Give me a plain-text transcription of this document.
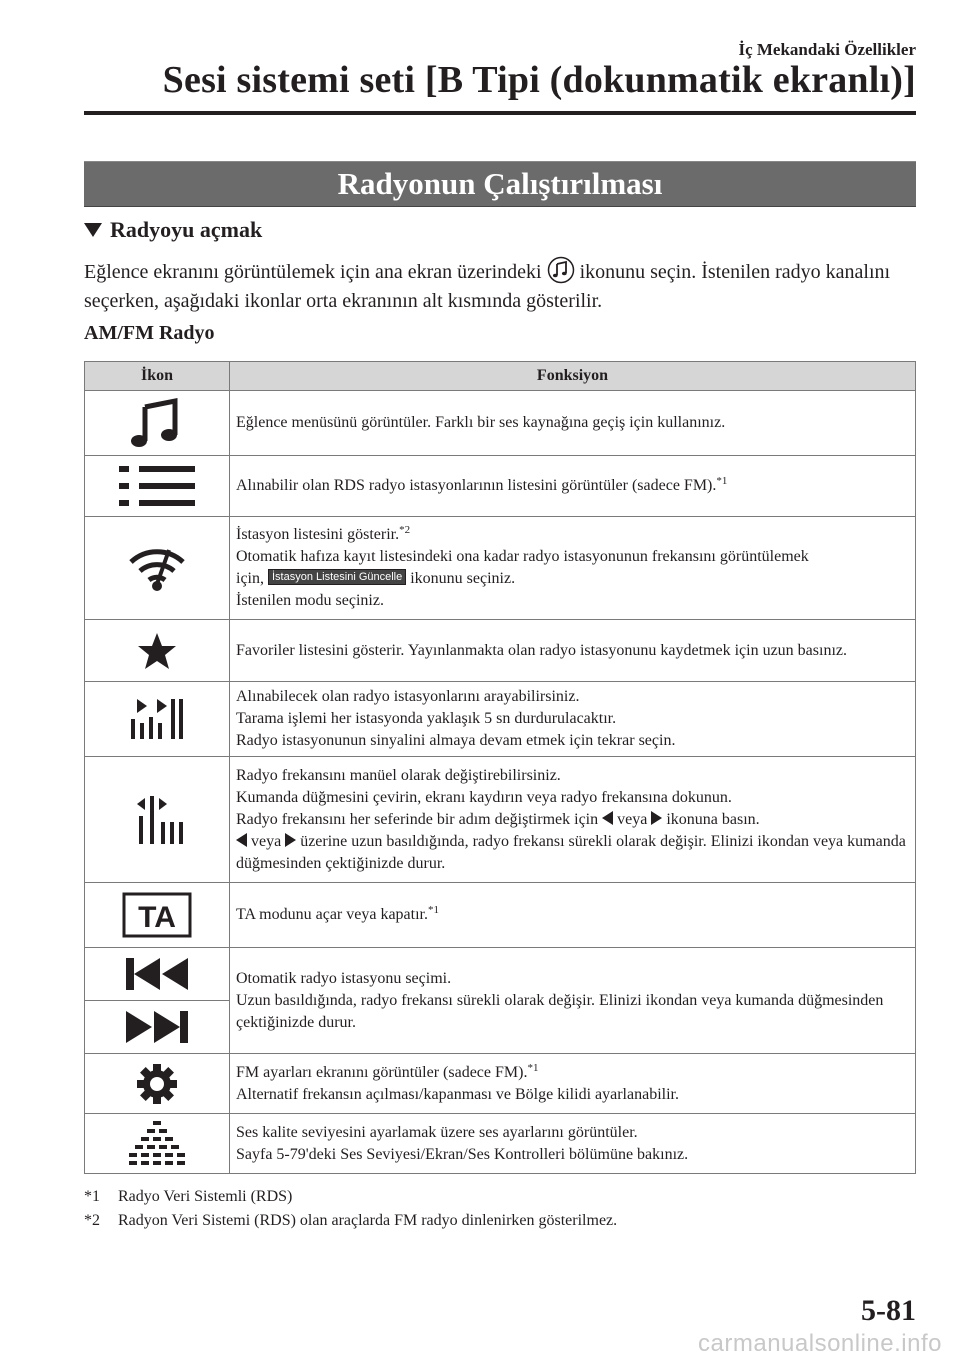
İç Mekandaki Özellikler
Sesi sistemi seti [B Tipi (dokunmatik ekranlı)]
Radyonun Çalıştırılması
Radyoyu açmak
Eğlence ekranını görüntülemek için ana ekran üzerindeki ikonunu seçin. İstenilen radyo kanalını seçerken, aşağıdaki ikonlar orta ekranının alt kısmında gösterilir.
AM/FM Radyo
İkon	Fonksiyon

	Eğlence menüsünü görüntüler. Farklı bir ses kaynağına geçiş için kullanınız.

	Alınabilir olan RDS radyo istasyonlarının listesini görüntüler (sadece FM).$^{*1}$

İstasyon listesini gösterir.$^{*2}$
Otomatik hafıza kayıt listesindeki ona kadar radyo istasyonunun frekansını görüntülemek
için, İstasyon Listesini Güncelle ikonunu seçiniz.
İstenilen modu seçiniz.

	Favoriler listesini gösterir. Yayınlanmakta olan radyo istasyonunu kaydetmek için uzun basınız.

Alınabilecek olan radyo istasyonlarını arayabilirsiniz.
Tarama işlemi her istasyonda yaklaşık 5 sn durdurulacaktır.
Radyo istasyonunun sinyalini almaya devam etmek için tekrar seçin.

Radyo frekansını manüel olarak değiştirebilirsiniz.
Kumanda düğmesini çevirin, ekranı kaydırın veya radyo frekansına dokunun.
Radyo frekansını her seferinde bir adım değiştirmek için veya ikonuna basın.
veya üzerine uzun basıldığında, radyo frekansı sürekli olarak değişir. Elinizi ikondan veya kumanda düğmesinden çektiğinizde durur.

TA	TA modunu açar veya kapatır.$^{*1}$

Otomatik radyo istasyonu seçimi.
Uzun basıldığında, radyo frekansı sürekli olarak değişir. Elinizi ikondan veya kumanda düğmesinden çektiğinizde durur.

FM ayarları ekranını görüntüler (sadece FM).$^{*1}$
Alternatif frekansın açılması/kapanması ve Bölge kilidi ayarlanabilir.

Ses kalite seviyesini ayarlamak üzere ses ayarlarını görüntüler.
Sayfa 5-79'deki Ses Seviyesi/Ekran/Ses Kontrolleri bölümüne bakınız.
*1 Radyo Veri Sistemli (RDS)
*2 Radyon Veri Sistemi (RDS) olan araçlarda FM radyo dinlenirken gösterilmez.
5-81
carmanualsonline.info
